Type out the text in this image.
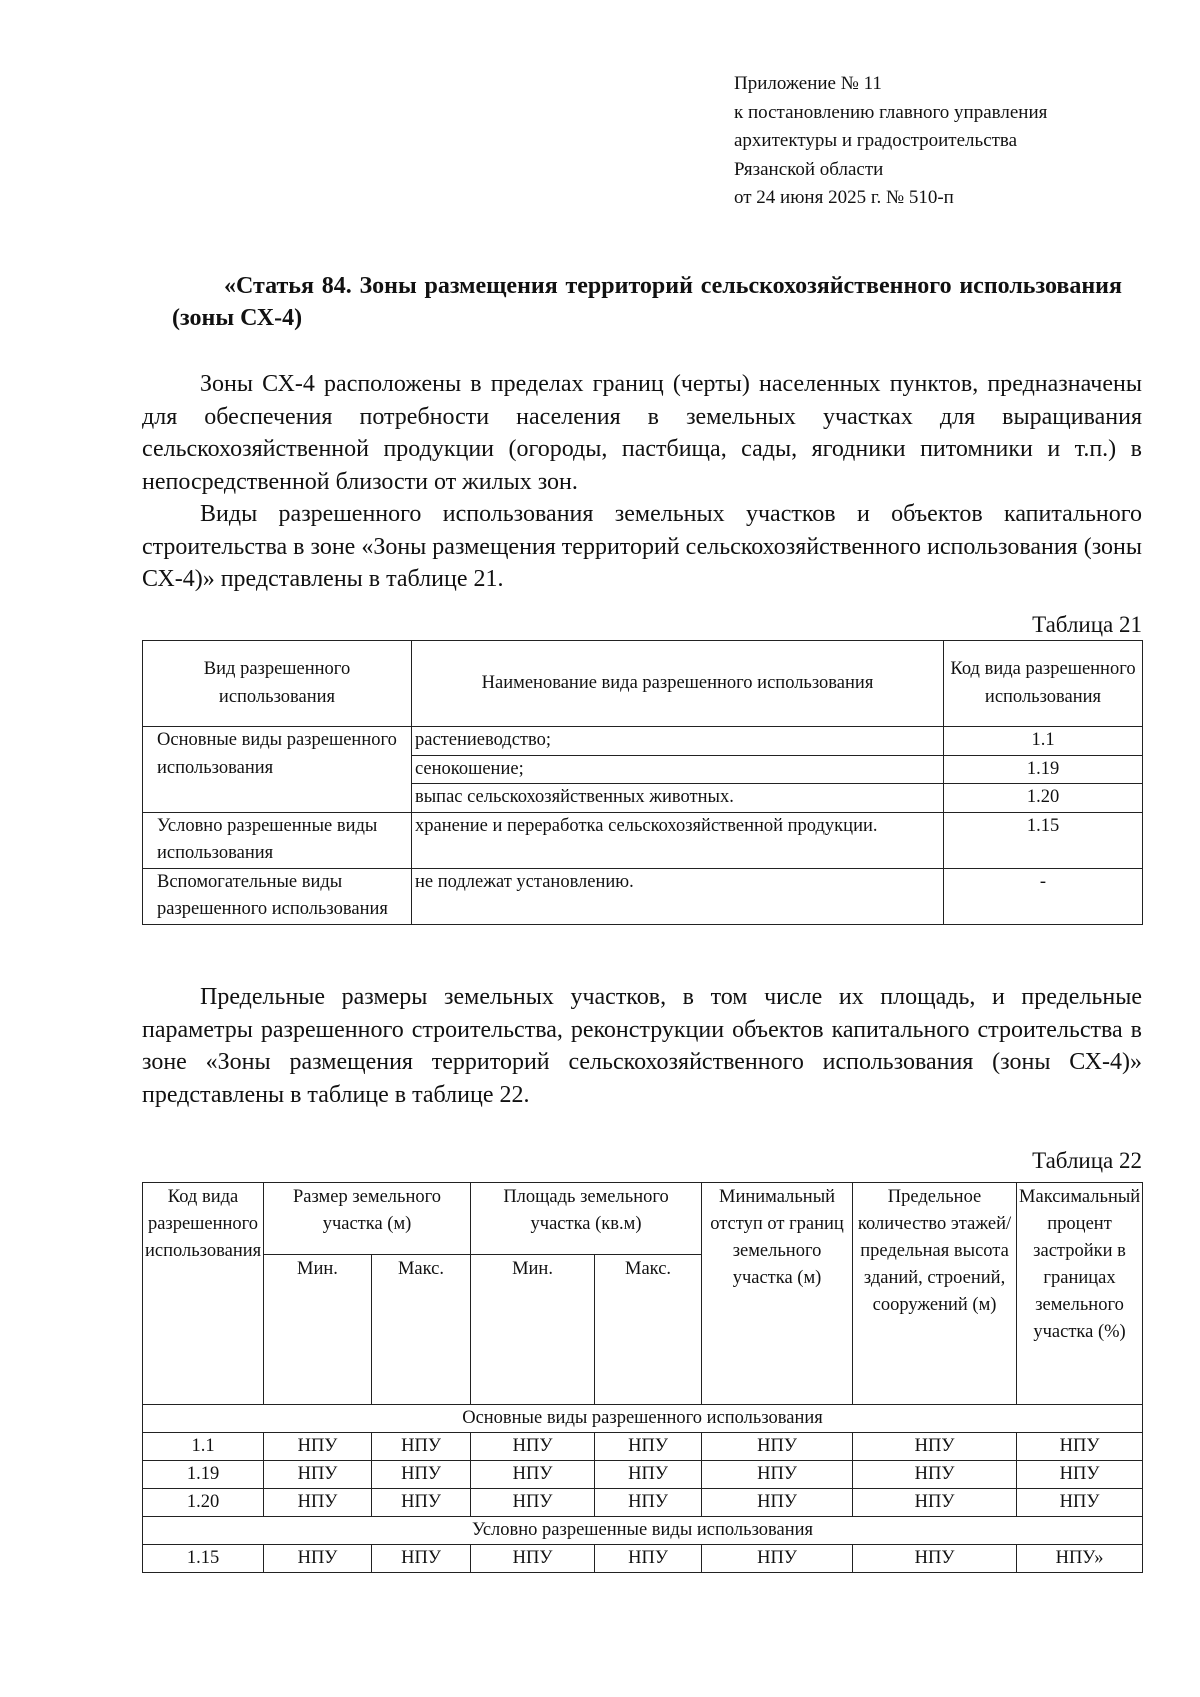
Приложение № 11
к постановлению главного управления
архитектуры и градостроительства
Рязанской области
от 24 июня 2025 г. № 510-п
«Статья 84. Зоны размещения территорий сельскохозяйственного использования (зоны СХ-4)
Зоны СХ-4 расположены в пределах границ (черты) населенных пунктов, предназначены для обеспечения потребности населения в земельных участках для выращивания сельскохозяйственной продукции (огороды, пастбища, сады, ягодники питомники и т.п.) в непосредственной близости от жилых зон.
Виды разрешенного использования земельных участков и объектов капитального строительства в зоне «Зоны размещения территорий сельскохозяйственного использования (зоны СХ-4)» представлены в таблице 21.
Таблица 21
Вид разрешенного использования	Наименование вида разрешенного использования	Код вида разрешенного использования
Основные виды разрешенного использования	растениеводство;	1.1
	сенокошение;	1.19
	выпас сельскохозяйственных животных.	1.20
Условно разрешенные виды использования	хранение и переработка сельскохозяйственной продукции.	1.15
Вспомогательные виды разрешенного использования	не подлежат установлению.	-
Предельные размеры земельных участков, в том числе их площадь, и предельные параметры разрешенного строительства, реконструкции объектов капитального строительства в зоне «Зоны размещения территорий сельскохозяйственного использования (зоны СХ-4)» представлены в таблице в таблице 22.
Таблица 22
Код вида разрешенного использования	Размер земельного участка (м)		Площадь земельного участка (кв.м)		Минимальный отступ от границ земельного участка (м)	Предельное количество этажей/ предельная высота зданий, строений, сооружений (м)	Максимальный процент застройки в границах земельного участка (%)
	Мин.	Макс.	Мин.	Макс.			
Основные виды разрешенного использования							
1.1	НПУ	НПУ	НПУ	НПУ	НПУ	НПУ	НПУ
1.19	НПУ	НПУ	НПУ	НПУ	НПУ	НПУ	НПУ
1.20	НПУ	НПУ	НПУ	НПУ	НПУ	НПУ	НПУ
Условно разрешенные виды использования							
1.15	НПУ	НПУ	НПУ	НПУ	НПУ	НПУ	НПУ»
